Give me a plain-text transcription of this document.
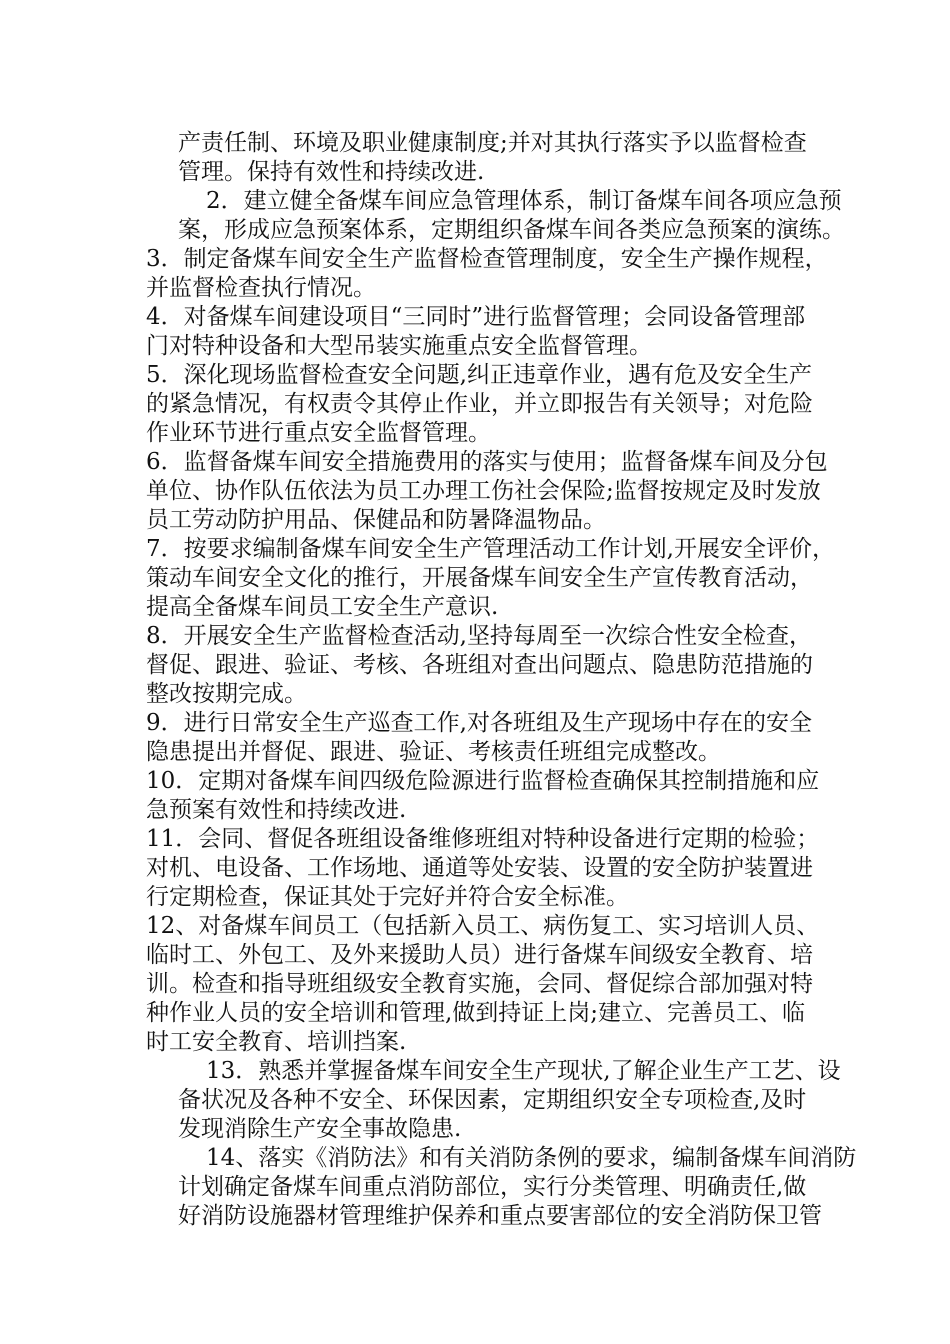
产责任制、环境及职业健康制度;并对其执行落实予以监督检查
管理。保持有效性和持续改进.
2．建立健全备煤车间应急管理体系，制订备煤车间各项应急预
案，形成应急预案体系，定期组织备煤车间各类应急预案的演练。
3．制定备煤车间安全生产监督检查管理制度，安全生产操作规程，
并监督检查执行情况。
4．对备煤车间建设项目“三同时”进行监督管理；会同设备管理部
门对特种设备和大型吊装实施重点安全监督管理。
5．深化现场监督检查安全问题,纠正违章作业，遇有危及安全生产
的紧急情况，有权责令其停止作业，并立即报告有关领导；对危险
作业环节进行重点安全监督管理。
6．监督备煤车间安全措施费用的落实与使用；监督备煤车间及分包
单位、协作队伍依法为员工办理工伤社会保险;监督按规定及时发放
员工劳动防护用品、保健品和防暑降温物品。
7．按要求编制备煤车间安全生产管理活动工作计划,开展安全评价，
策动车间安全文化的推行，开展备煤车间安全生产宣传教育活动，
提高全备煤车间员工安全生产意识.
8．开展安全生产监督检查活动,坚持每周至一次综合性安全检查，
督促、跟进、验证、考核、各班组对查出问题点、隐患防范措施的
整改按期完成。
9．进行日常安全生产巡查工作,对各班组及生产现场中存在的安全
隐患提出并督促、跟进、验证、考核责任班组完成整改。
10．定期对备煤车间四级危险源进行监督检查确保其控制措施和应
急预案有效性和持续改进.
11．会同、督促各班组设备维修班组对特种设备进行定期的检验；
对机、电设备、工作场地、通道等处安装、设置的安全防护装置进
行定期检查，保证其处于完好并符合安全标准。
12、对备煤车间员工（包括新入员工、病伤复工、实习培训人员、
临时工、外包工、及外来援助人员）进行备煤车间级安全教育、培
训。检查和指导班组级安全教育实施，会同、督促综合部加强对特
种作业人员的安全培训和管理,做到持证上岗;建立、完善员工、临
时工安全教育、培训挡案.
13．熟悉并掌握备煤车间安全生产现状,了解企业生产工艺、设
备状况及各种不安全、环保因素，定期组织安全专项检查,及时
发现消除生产安全事故隐患.
14、落实《消防法》和有关消防条例的要求，编制备煤车间消防
计划确定备煤车间重点消防部位，实行分类管理、明确责任,做
好消防设施器材管理维护保养和重点要害部位的安全消防保卫管
